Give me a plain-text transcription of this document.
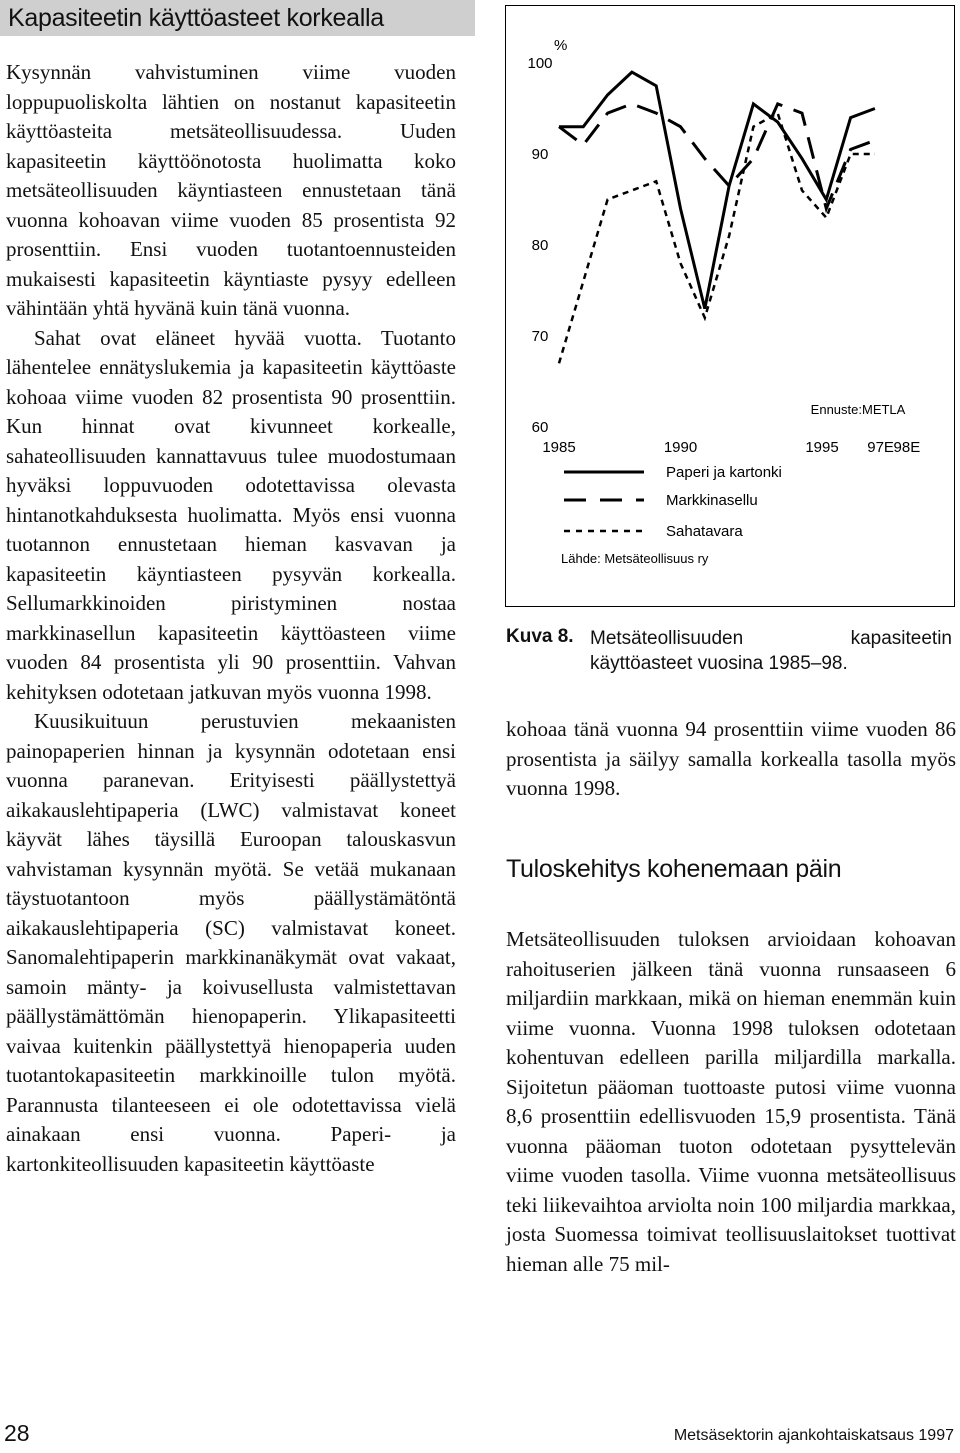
Kapasiteetin käyttöasteet korkealla

Kysynnän vahvistuminen viime vuoden loppupuoliskolta lähtien on nostanut kapasiteetin käyttöasteita metsäteollisuudessa. Uuden kapasiteetin käyttöönotosta huolimatta koko metsäteollisuuden käyntiasteen ennustetaan tänä vuonna kohoavan viime vuoden 85 prosentista 92 prosenttiin. Ensi vuoden tuotantoennusteiden mukaisesti kapasiteetin käyntiaste pysyy edelleen vähintään yhtä hyvänä kuin tänä vuonna.

Sahat ovat eläneet hyvää vuotta. Tuotanto lähentelee ennätyslukemia ja kapasiteetin käyttöaste kohoaa viime vuoden 82 prosentista 90 prosenttiin. Kun hinnat ovat kivunneet korkealle, sahateollisuuden kannattavuus tulee muodostumaan hyväksi loppuvuoden odotettavissa olevasta hintanotkahduksesta huolimatta. Myös ensi vuonna tuotannon ennustetaan hieman kasvavan ja kapasiteetin käyntiasteen pysyvän korkealla. Sellumarkkinoiden piristyminen nostaa markkinasellun kapasiteetin käyttöasteen viime vuoden 84 prosentista yli 90 prosenttiin. Vahvan kehityksen odotetaan jatkuvan myös vuonna 1998.

Kuusikuituun perustuvien mekaanisten painopaperien hinnan ja kysynnän odotetaan ensi vuonna paranevan. Erityisesti päällystettyä aikakauslehtipaperia (LWC) valmistavat koneet käyvät lähes täysillä Euroopan talouskasvun vahvistaman kysynnän myötä. Se vetää mukanaan täystuotantoon myös päällystämätöntä aikakauslehtipaperia (SC) valmistavat koneet. Sanomalehtipaperin markkinanäkymät ovat vakaat, samoin mänty- ja koivusellusta valmistettavan päällystämättömän hienopaperin. Ylikapasiteetti vaivaa kuitenkin päällystettyä hienopaperia uuden tuotantokapasiteetin markkinoille tulon myötä. Parannusta tilanteeseen ei ole odotettavissa vielä ainakaan ensi vuonna. Paperi- ja kartonkiteollisuuden kapasiteetin käyttöaste

%
100
90
80
70
60
1985	1990	1995 97E 98E
Ennuste:METLA
Paperi ja kartonki
Markkinasellu
Sahatavara
Lähde: Metsäteollisuus ry
Kuva 8. Metsäteollisuuden kapasiteetin käyttöasteet vuosina 1985–98.

kohoaa tänä vuonna 94 prosenttiin viime vuoden 86 prosentista ja säilyy samalla korkealla tasolla myös vuonna 1998.

Tuloskehitys kohenemaan päin

Metsäteollisuuden tuloksen arvioidaan kohoavan rahoituserien jälkeen tänä vuonna runsaaseen 6 miljardiin markkaan, mikä on hieman enemmän kuin viime vuonna. Vuonna 1998 tuloksen odotetaan kohentuvan edelleen parilla miljardilla markalla. Sijoitetun pääoman tuottoaste putosi viime vuonna 8,6 prosenttiin edellisvuoden 15,9 prosentista. Tänä vuonna pääoman tuoton odotetaan pysyttelevän viime vuoden tasolla. Viime vuonna metsäteollisuus teki liikevaihtoa arviolta noin 100 miljardia markkaa, josta Suomessa toimivat teollisuuslaitokset tuottivat hieman alle 75 mil-

28	Metsäsektorin ajankohtaiskatsaus 1997
